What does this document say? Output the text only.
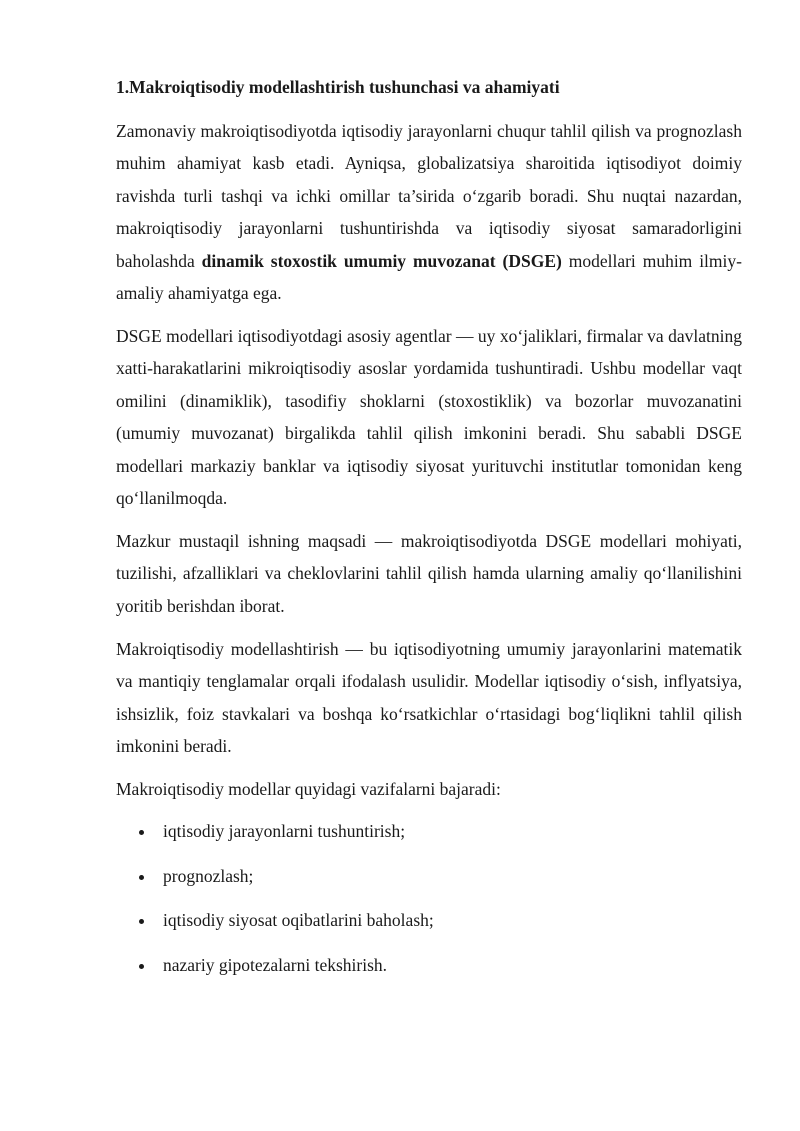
1.Makroiqtisodiy modellashtirish tushunchasi va ahamiyati

Zamonaviy makroiqtisodiyotda iqtisodiy jarayonlarni chuqur tahlil qilish va prognozlash muhim ahamiyat kasb etadi. Ayniqsa, globalizatsiya sharoitida iqtisodiyot doimiy ravishda turli tashqi va ichki omillar ta’sirida oʻzgarib boradi. Shu nuqtai nazardan, makroiqtisodiy jarayonlarni tushuntirishda va iqtisodiy siyosat samaradorligini baholashda dinamik stoxostik umumiy muvozanat (DSGE) modellari muhim ilmiy-amaliy ahamiyatga ega.

DSGE modellari iqtisodiyotdagi asosiy agentlar — uy xoʻjaliklari, firmalar va davlatning xatti-harakatlarini mikroiqtisodiy asoslar yordamida tushuntiradi. Ushbu modellar vaqt omilini (dinamiklik), tasodifiy shoklarni (stoxostiklik) va bozorlar muvozanatini (umumiy muvozanat) birgalikda tahlil qilish imkonini beradi. Shu sababli DSGE modellari markaziy banklar va iqtisodiy siyosat yurituvchi institutlar tomonidan keng qoʻllanilmoqda.

Mazkur mustaqil ishning maqsadi — makroiqtisodiyotda DSGE modellari mohiyati, tuzilishi, afzalliklari va cheklovlarini tahlil qilish hamda ularning amaliy qoʻllanilishini yoritib berishdan iborat.

Makroiqtisodiy modellashtirish — bu iqtisodiyotning umumiy jarayonlarini matematik va mantiqiy tenglamalar orqali ifodalash usulidir. Modellar iqtisodiy oʻsish, inflyatsiya, ishsizlik, foiz stavkalari va boshqa koʻrsatkichlar oʻrtasidagi bogʻliqlikni tahlil qilish imkonini beradi.

Makroiqtisodiy modellar quyidagi vazifalarni bajaradi:

iqtisodiy jarayonlarni tushuntirish;
prognozlash;
iqtisodiy siyosat oqibatlarini baholash;
nazariy gipotezalarni tekshirish.
